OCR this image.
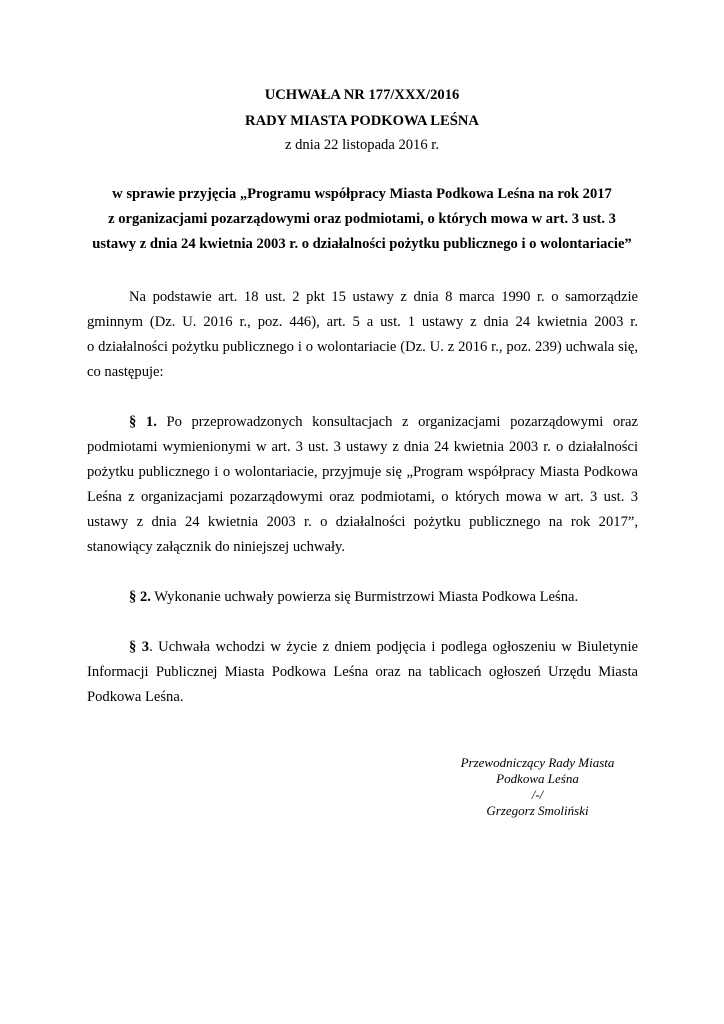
UCHWAŁA NR 177/XXX/2016
RADY MIASTA PODKOWA LEŚNA
z dnia 22 listopada 2016 r.
w sprawie przyjęcia „Programu współpracy Miasta Podkowa Leśna na rok 2017
z organizacjami pozarządowymi oraz podmiotami, o których mowa w art. 3 ust. 3
ustawy z dnia 24 kwietnia 2003 r. o działalności pożytku publicznego i o wolontariacie”
Na podstawie art. 18 ust. 2 pkt 15 ustawy z dnia 8 marca 1990 r. o samorządzie
gminnym (Dz. U. 2016 r., poz. 446), art. 5 a ust. 1 ustawy z dnia 24 kwietnia 2003 r.
o działalności pożytku publicznego i o wolontariacie (Dz. U. z 2016 r., poz. 239) uchwala się,
co następuje:
§ 1. Po przeprowadzonych konsultacjach z organizacjami pozarządowymi oraz
podmiotami wymienionymi w art. 3 ust. 3 ustawy z dnia 24 kwietnia 2003 r. o działalności
pożytku publicznego i o wolontariacie, przyjmuje się „Program współpracy Miasta Podkowa
Leśna z organizacjami pozarządowymi oraz podmiotami, o których mowa w art. 3 ust. 3
ustawy z dnia 24 kwietnia 2003 r. o działalności pożytku publicznego na rok 2017”,
stanowiący załącznik do niniejszej uchwały.
§ 2. Wykonanie uchwały powierza się Burmistrzowi Miasta Podkowa Leśna.
§ 3. Uchwała wchodzi w życie z dniem podjęcia i podlega ogłoszeniu w Biuletynie
Informacji Publicznej Miasta Podkowa Leśna oraz na tablicach ogłoszeń Urzędu Miasta
Podkowa Leśna.
Przewodniczący Rady Miasta
Podkowa Leśna
/-/
Grzegorz Smoliński
